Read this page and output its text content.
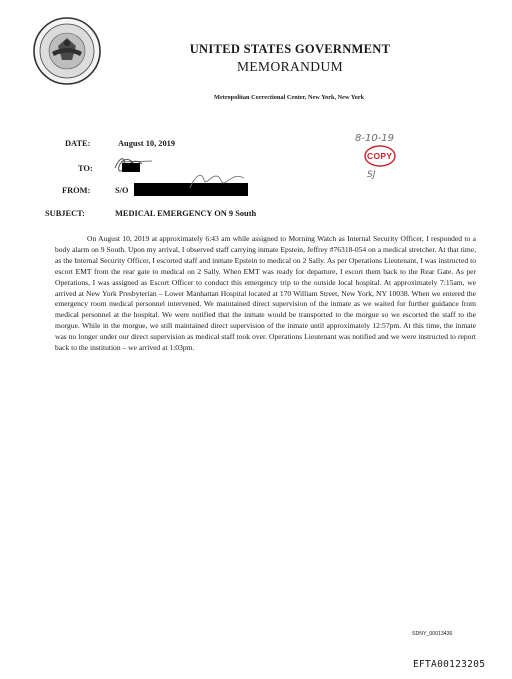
UNITED STATES GOVERNMENT
MEMORANDUM
Metropolitan Correctional Center, New York, New York
DATE:	August 10, 2019
TO:
FROM:	S/O
SUBJECT:	MEDICAL EMERGENCY ON 9 South
8-10-19
COPY
SJ

On August 10, 2019 at approximately 6:43 am while assigned to Morning Watch as Internal Security Officer, I responded to a body alarm on 9 South. Upon my arrival, I observed staff carrying inmate Epstein, Jeffrey #76318-054 on a medical stretcher. At that time, as the Internal Security Officer, I escorted staff and inmate Epstein to medical on 2 Sally. As per Operations Lieutenant, I was instructed to escort EMT from the rear gate to medical on 2 Sally. When EMT was ready for departure, I escort them back to the Rear Gate. As per Operations, I was assigned as Escort Officer to conduct this emergency trip to the outside local hospital. At approximately 7:15am, we arrived at New York Presbyterian – Lower Manhattan Hospital located at 170 William Street, New York, NY 10038. When we entered the emergency room medical personnel intervened. We maintained direct supervision of the inmate as we waited for further guidance from medical personnel at the hospital. We were notified that the inmate would be transported to the morgue so we escorted the staff to the morgue. While in the morgue, we still maintained direct supervision of the inmate until approximately 12:57pm. At this time, the inmate was no longer under our direct supervision as medical staff took over. Operations Lieutenant was notified and we were instructed to report back to the institution – we arrived at 1:03pm.

SDNY_00013436
EFTA00123205
